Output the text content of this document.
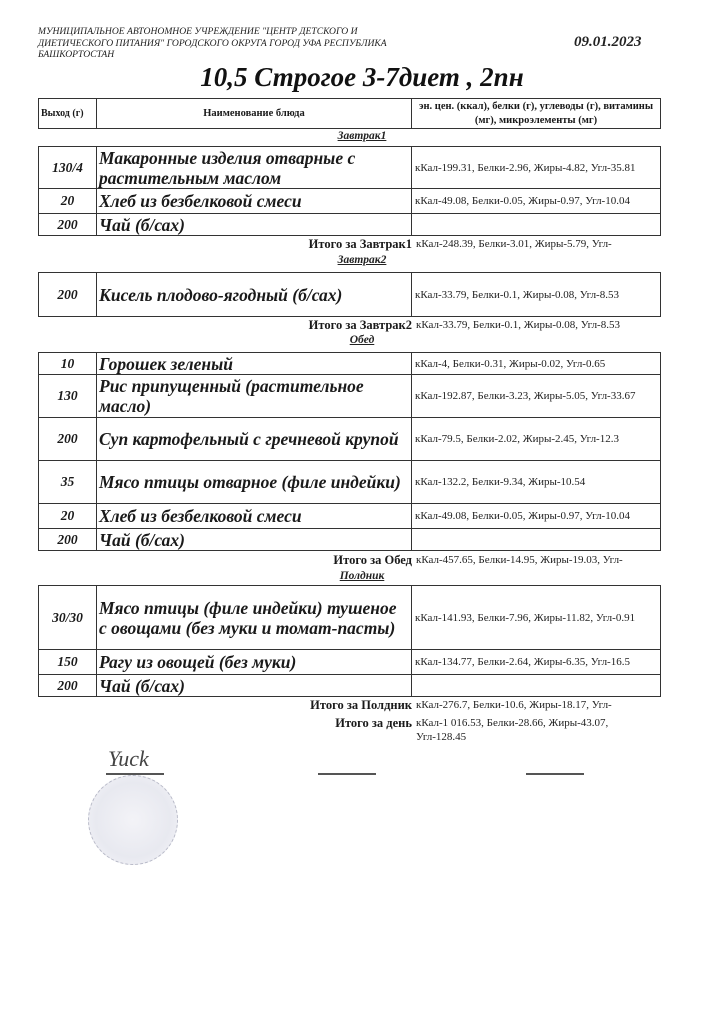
МУНИЦИПАЛЬНОЕ АВТОНОМНОЕ УЧРЕЖДЕНИЕ "ЦЕНТР ДЕТСКОГО И ДИЕТИЧЕСКОГО ПИТАНИЯ" ГОРОДСКОГО ОКРУГА ГОРОД УФА РЕСПУБЛИКА БАШКОРТОСТАН
09.01.2023
10,5 Строгое 3-7диет , 2пн
Выход (г)	Наименование блюда	эн. цен. (ккал), белки (г), углеводы (г), витамины (мг), микроэлементы (мг)
Завтрак1
130/4	Макаронные изделия отварные с растительным маслом	кКал-199.31, Белки-2.96, Жиры-4.82, Угл-35.81
20	Хлеб из безбелковой смеси	кКал-49.08, Белки-0.05, Жиры-0.97, Угл-10.04
200	Чай (б/сах)	
Итого за Завтрак1 кКал-248.39, Белки-3.01, Жиры-5.79, Угл-
Завтрак2
200	Кисель плодово-ягодный (б/сах)	кКал-33.79, Белки-0.1, Жиры-0.08, Угл-8.53
Итого за Завтрак2 кКал-33.79, Белки-0.1, Жиры-0.08, Угл-8.53
Обед
10	Горошек зеленый	кКал-4, Белки-0.31, Жиры-0.02, Угл-0.65
130	Рис припущенный (растительное масло)	кКал-192.87, Белки-3.23, Жиры-5.05, Угл-33.67
200	Суп картофельный с гречневой крупой	кКал-79.5, Белки-2.02, Жиры-2.45, Угл-12.3
35	Мясо птицы отварное (филе индейки)	кКал-132.2, Белки-9.34, Жиры-10.54
20	Хлеб из безбелковой смеси	кКал-49.08, Белки-0.05, Жиры-0.97, Угл-10.04
200	Чай (б/сах)	
Итого за Обед кКал-457.65, Белки-14.95, Жиры-19.03, Угл-
Полдник
30/30	Мясо птицы (филе индейки) тушеное с овощами (без муки и томат-пасты)	кКал-141.93, Белки-7.96, Жиры-11.82, Угл-0.91
150	Рагу из овощей (без муки)	кКал-134.77, Белки-2.64, Жиры-6.35, Угл-16.5
200	Чай (б/сах)	
Итого за Полдник кКал-276.7, Белки-10.6, Жиры-18.17, Угл-
Итого за день кКал-1 016.53, Белки-28.66, Жиры-43.07, Угл-128.45
Yuck
